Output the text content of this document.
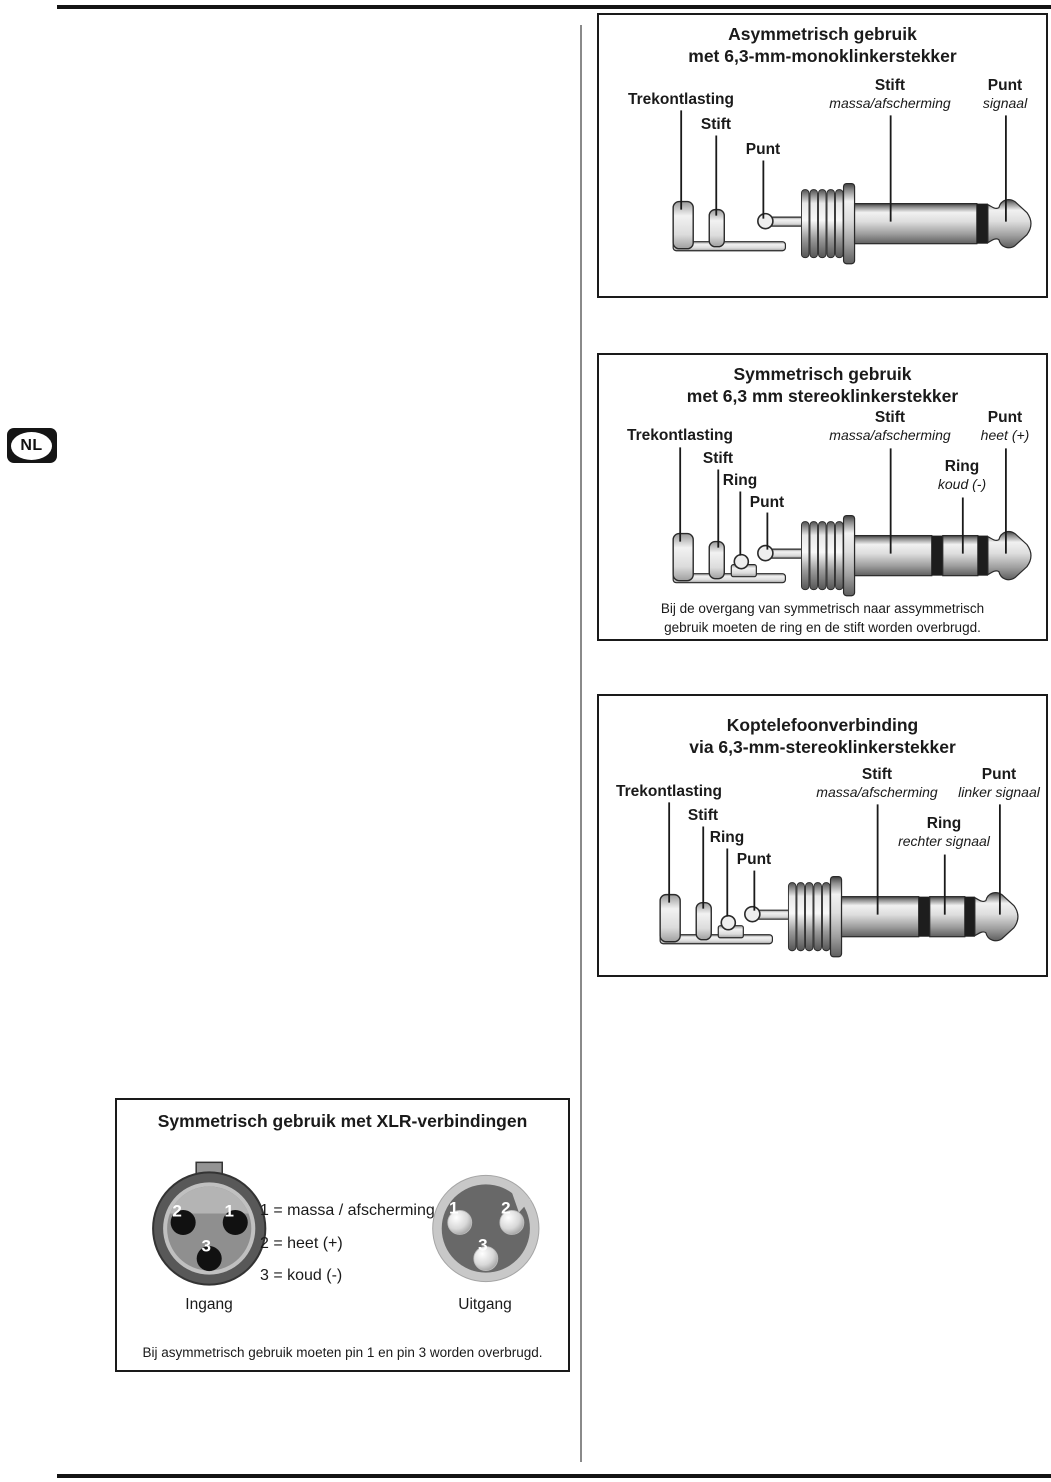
NL
Asymmetrisch gebruik
met 6,3-mm-monoklinkerstekker
Trekontlasting
Stift
Punt
Stift
massa/afscherming
Punt
signaal
Symmetrisch gebruik
met 6,3 mm stereoklinkerstekker
Trekontlasting
Stift
Ring
Punt
Stift
massa/afscherming
Ring
koud (-)
Punt
heet (+)
Bij de overgang van symmetrisch naar assymmetrisch
gebruik moeten de ring en de stift worden overbrugd.
Koptelefoonverbinding
via 6,3-mm-stereoklinkerstekker
Trekontlasting
Stift
Ring
Punt
Stift
massa/afscherming
Ring
rechter signaal
Punt
linker signaal
2	1
3
1	2
3
Symmetrisch gebruik met XLR-verbindingen
1 = massa / afscherming
2 = heet (+)
3 = koud (-)
Ingang	Uitgang
Bij asymmetrisch gebruik moeten pin 1 en pin 3 worden overbrugd.
